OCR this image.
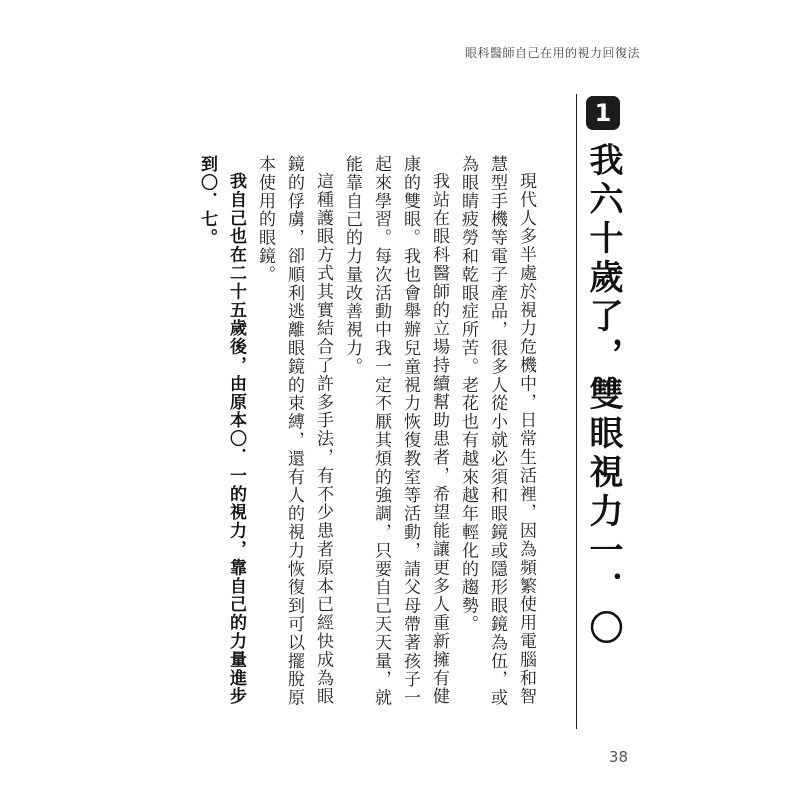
眼科醫師自己在用的視力回復法
1
我六十歲了，雙眼視力一．〇

現代人多半處於視力危機中，日常生活裡，因為頻繁使用電腦和智慧型手機等電子產品，很多人從小就必須和眼鏡或隱形眼鏡為伍，或為眼睛疲勞和乾眼症所苦。老花也有越來越年輕化的趨勢。

我站在眼科醫師的立場持續幫助患者，希望能讓更多人重新擁有健康的雙眼。我也會舉辦兒童視力恢復教室等活動，請父母帶著孩子一起來學習。每次活動中我一定不厭其煩的強調，只要自己天天量，就能靠自己的力量改善視力。

這種護眼方式其實結合了許多手法，有不少患者原本已經快成為眼鏡的俘虜，卻順利逃離眼鏡的束縛，還有人的視力恢復到可以擺脫原本使用的眼鏡。

我自己也在二十五歲後，由原本〇．一的視力，靠自己的力量進步到〇．七。

38
